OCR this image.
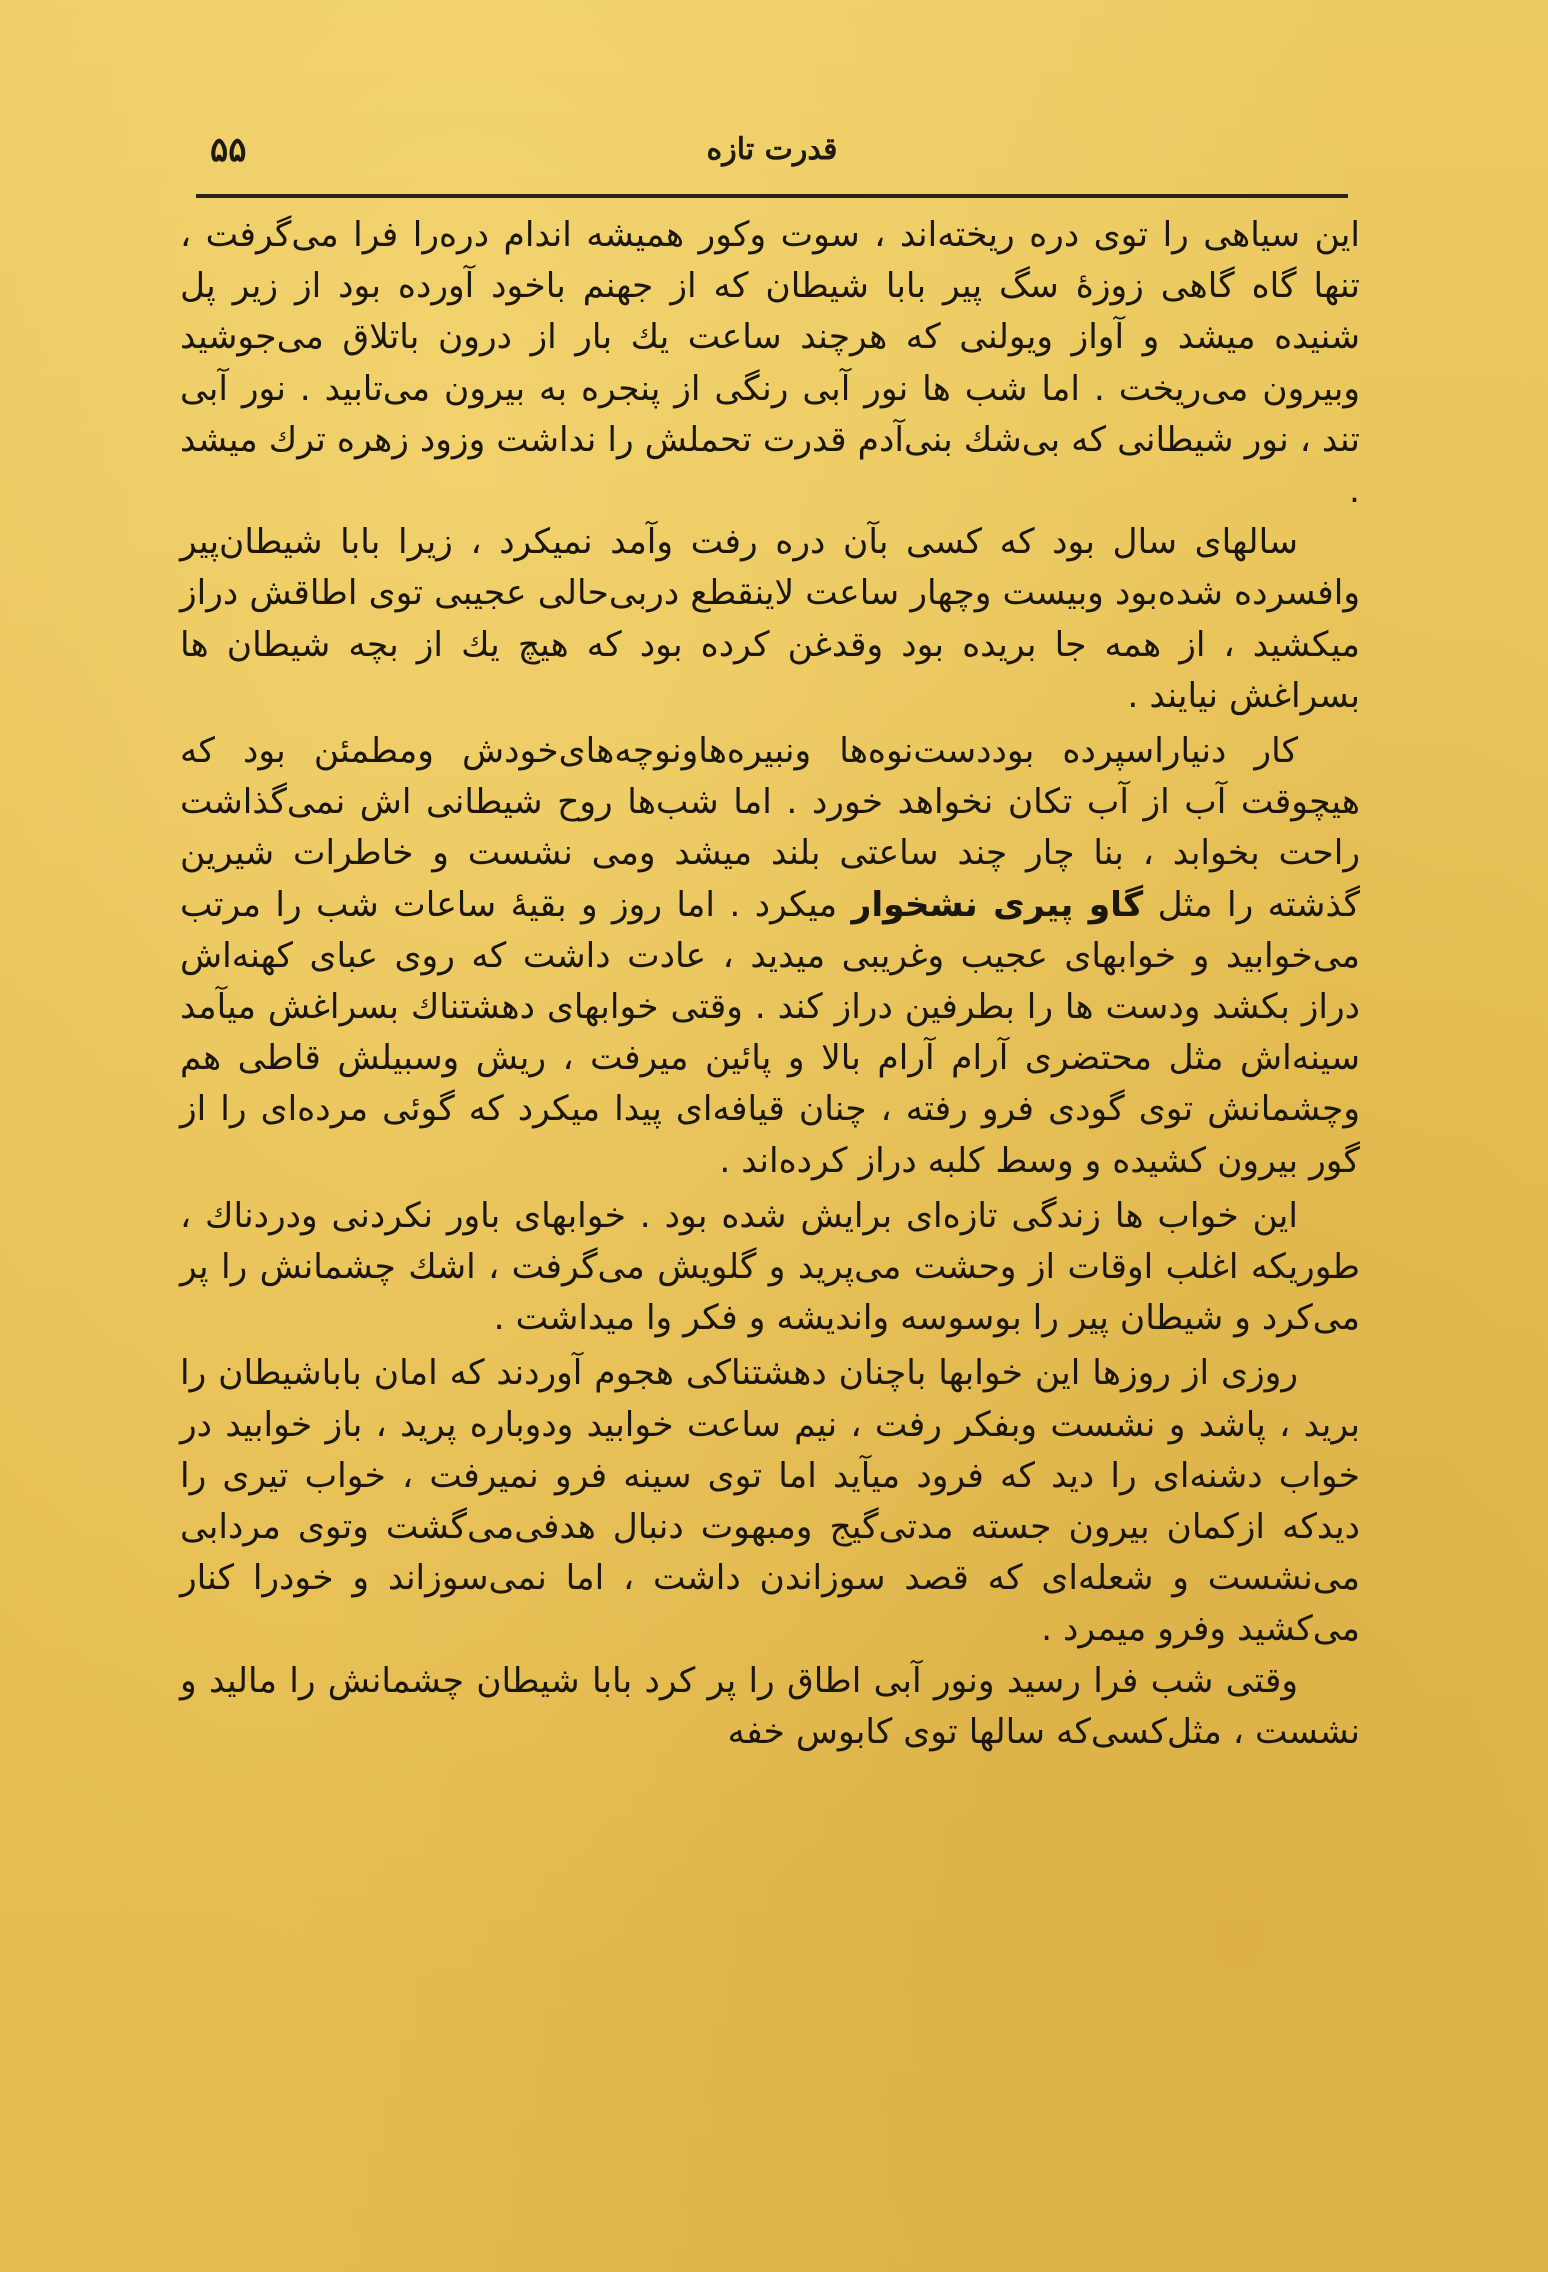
قدرت تازه
۵۵

این سیاهی را توی دره ریخته‌اند ، سوت وکور همیشه اندام دره‌را فرا می‌گرفت ، تنها گاه گاهی زوزهٔ سگ پیر بابا شیطان که از جهنم باخود آورده بود از زیر پل شنیده میشد و آواز ویولنی که هرچند ساعت یك بار از درون باتلاق می‌جوشید وبیرون می‌ریخت . اما شب ها نور آبی رنگی از پنجره به بیرون می‌تابید . نور آبی تند ، نور شیطانی که بی‌شك بنی‌آدم قدرت تحملش را نداشت وزود زهره ترك میشد .

سالهای سال بود که کسی بآن دره رفت وآمد نمیکرد ، زیرا بابا شیطان‌پیر وافسرده شده‌بود وبیست وچهار ساعت لاینقطع دربی‌حالی عجیبی توی اطاقش دراز میکشید ، از همه جا بریده بود وقدغن کرده بود که هیچ یك از بچه شیطان ها بسراغش نیایند .

کار دنیارا‌سپرده بوددست‌نوه‌ها ونبیره‌هاونوچه‌های‌خودش ومطمئن بود که هیچوقت آب از آب تکان نخواهد خورد . اما شب‌ها روح شیطانی اش نمی‌گذاشت راحت بخوابد ، بنا چار چند ساعتی بلند میشد ومی نشست و خاطرات شیرین گذشته را مثل گاو پیری نشخوار میکرد . اما روز و بقیهٔ ساعات شب را مرتب می‌خوابید و خوابهای عجیب وغریبی میدید ، عادت داشت که روی عبای کهنه‌اش دراز بکشد ودست ها را بطرفین دراز کند . وقتی خوابهای دهشتناك بسراغش میآمد سینه‌اش مثل محتضری آرام آرام بالا و پائین میرفت ، ریش وسبیلش قاطی هم وچشمانش توی گودی فرو رفته ، چنان قیافه‌ای پیدا میکرد که گوئی مرده‌ای را از گور بیرون کشیده و وسط کلبه دراز کرده‌اند .

این خواب ها زندگی تازه‌ای برایش شده بود . خوابهای باور نکردنی ودردناك ، طوریکه اغلب اوقات از وحشت می‌پرید و گلویش می‌گرفت ، اشك چشمانش را پر می‌کرد و شیطان پیر را بوسوسه واندیشه و فکر وا میداشت .

روزی از روزها این خوابها باچنان دهشتناکی هجوم آوردند که امان باباشیطان را برید ، پاشد و نشست وبفکر رفت ، نیم ساعت خوابید ودوباره پرید ، باز خوابید در خواب دشنه‌ای را دید که فرود میآید اما توی سینه فرو نمیرفت ، خواب تیری را دیدکه ازکمان بیرون جسته مدتی‌گیج ومبهوت دنبال هدفی‌می‌گشت وتوی مردابی می‌نشست و شعله‌ای که قصد سوزاندن داشت ، اما نمی‌سوزاند و خودرا کنار می‌کشید وفرو میمرد .

وقتی شب فرا رسید ونور آبی اطاق را پر کرد بابا شیطان چشمانش را مالید و نشست ، مثل‌کسی‌که سالها توی کابوس خفه
